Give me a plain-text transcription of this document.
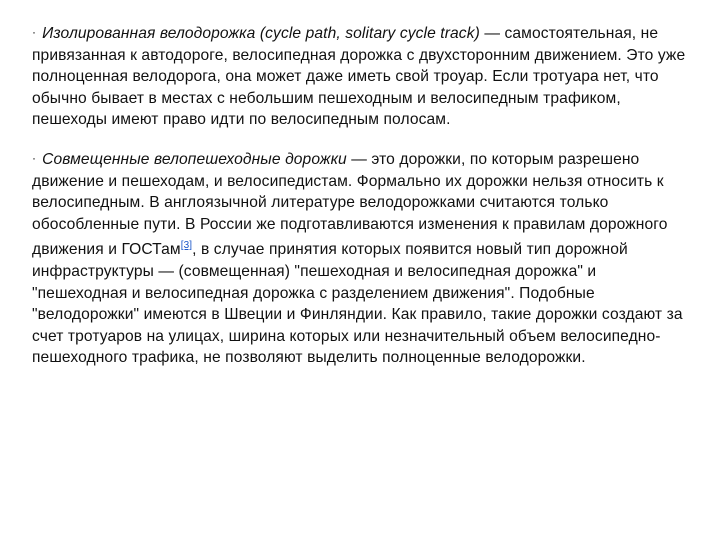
· Изолированная велодорожка (cycle path, solitary cycle track) — самостоятельная, не привязанная к автодороге, велосипедная дорожка с двухсторонним движением. Это уже полноценная велодорога, она может даже иметь свой троуар. Если тротуара нет, что обычно бывает в местах с небольшим пешеходным и велосипедным трафиком, пешеходы имеют право идти по велосипедным полосам.

· Совмещенные велопешеходные дорожки — это дорожки, по которым разрешено движение и пешеходам, и велосипедистам. Формально их дорожки нельзя относить к велосипедным. В англоязычной литературе велодорожками считаются только обособленные пути. В России же подготавливаются изменения к правилам дорожного движения и ГОСТам[3], в случае принятия которых появится новый тип дорожной инфраструктуры — (совмещенная) "пешеходная и велосипедная дорожка" и "пешеходная и велосипедная дорожка с разделением движения". Подобные "велодорожки" имеются в Швеции и Финляндии. Как правило, такие дорожки создают за счет тротуаров на улицах, ширина которых или незначительный объем велосипедно-пешеходного трафика, не позволяют выделить полноценные велодорожки.
